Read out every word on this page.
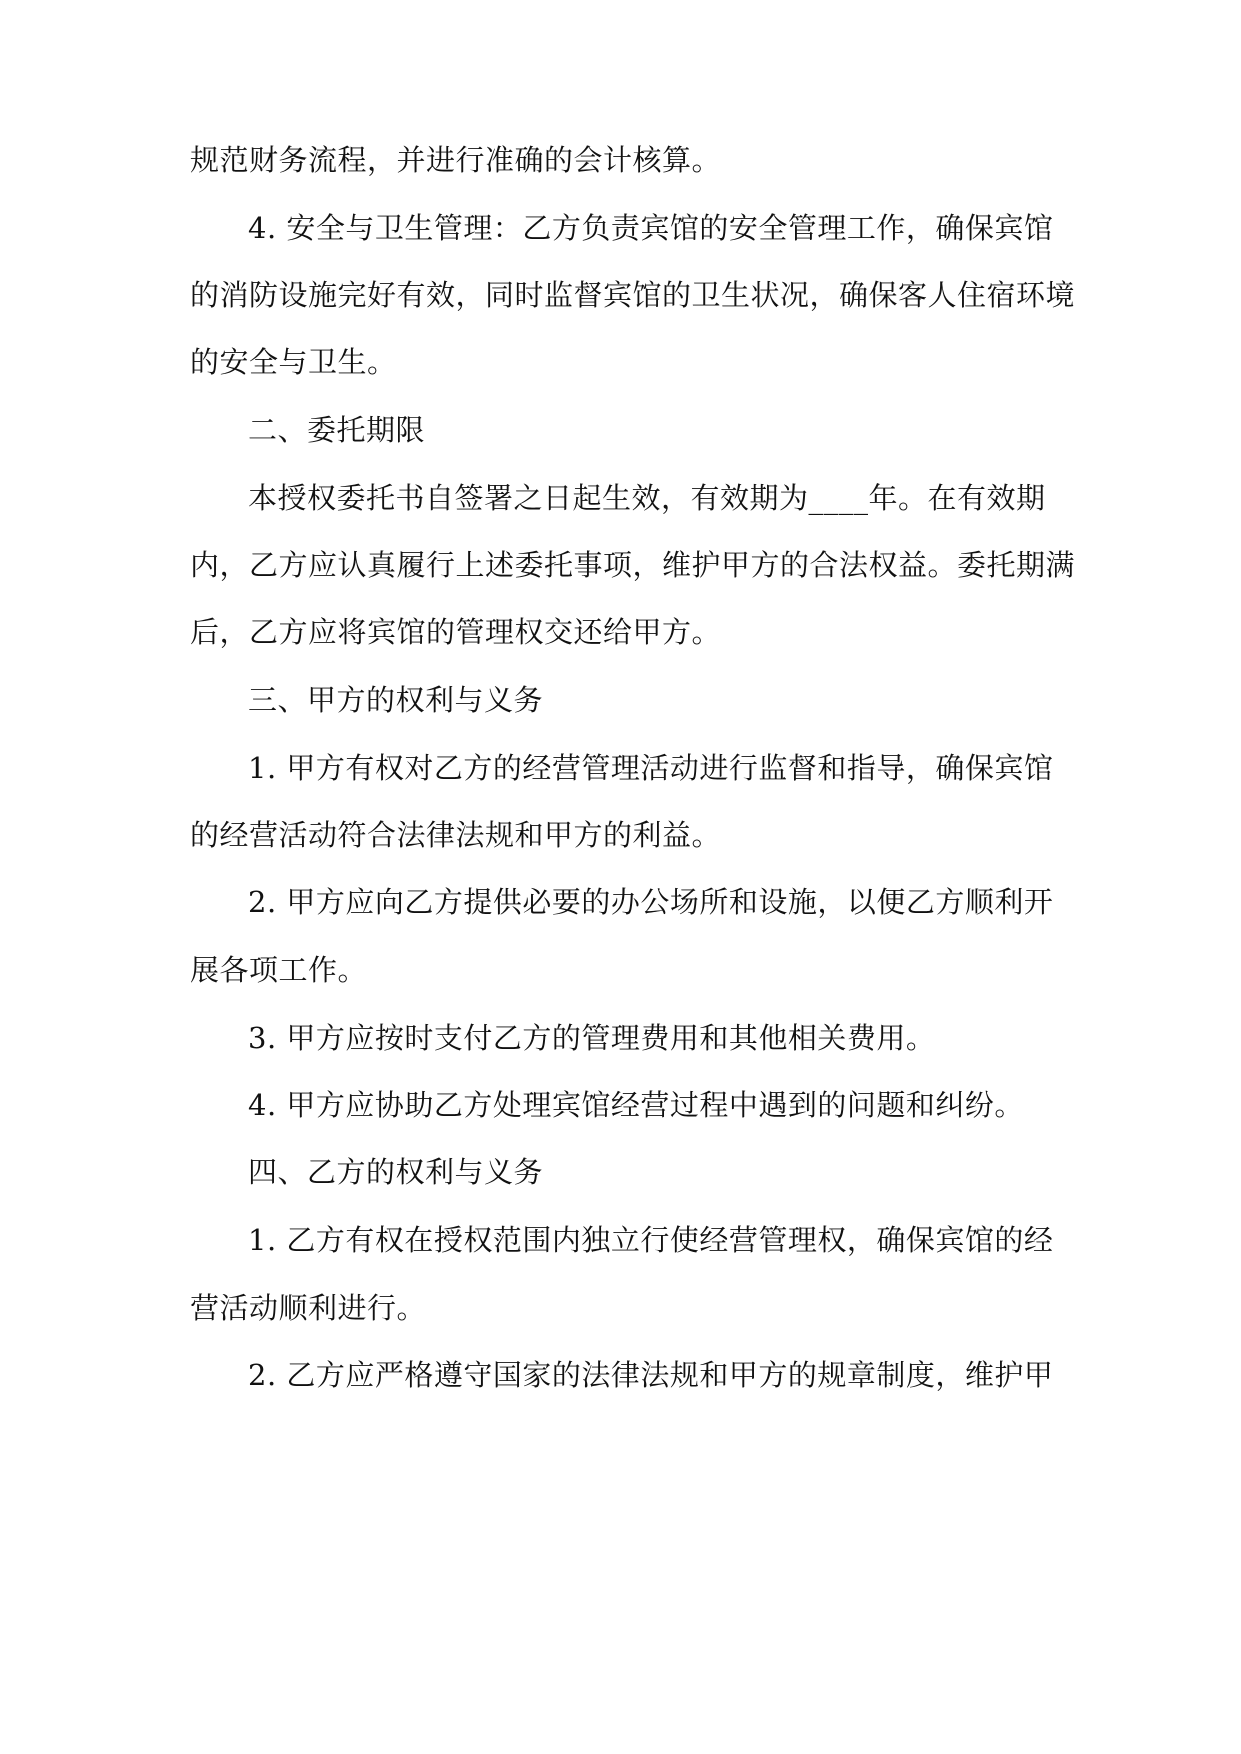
规范财务流程，并进行准确的会计核算。
4. 安全与卫生管理：乙方负责宾馆的安全管理工作，确保宾馆
的消防设施完好有效，同时监督宾馆的卫生状况，确保客人住宿环境
的安全与卫生。
二、委托期限
本授权委托书自签署之日起生效，有效期为____年。在有效期
内，乙方应认真履行上述委托事项，维护甲方的合法权益。委托期满
后，乙方应将宾馆的管理权交还给甲方。
三、甲方的权利与义务
1. 甲方有权对乙方的经营管理活动进行监督和指导，确保宾馆
的经营活动符合法律法规和甲方的利益。
2. 甲方应向乙方提供必要的办公场所和设施，以便乙方顺利开
展各项工作。
3. 甲方应按时支付乙方的管理费用和其他相关费用。
4. 甲方应协助乙方处理宾馆经营过程中遇到的问题和纠纷。
四、乙方的权利与义务
1. 乙方有权在授权范围内独立行使经营管理权，确保宾馆的经
营活动顺利进行。
2. 乙方应严格遵守国家的法律法规和甲方的规章制度，维护甲
